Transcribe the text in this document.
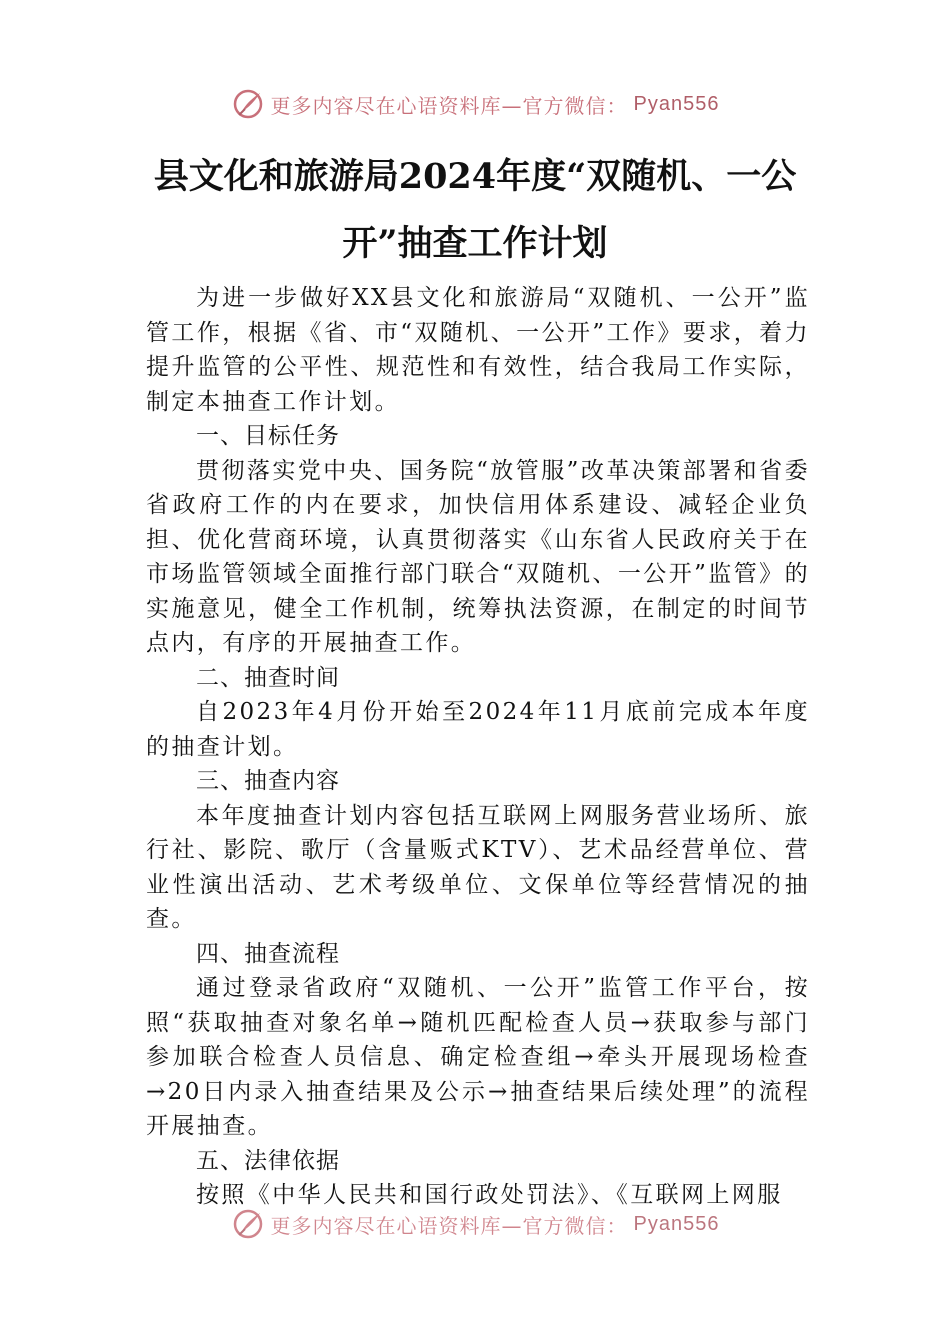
更多内容尽在心语资料库—官方微信： Pyan556
县文化和旅游局2024年度“双随机、一公
开”抽查工作计划

为进一步做好XX县文化和旅游局“双随机、一公开”监管工作，根据《省、市“双随机、一公开”工作》要求，着力提升监管的公平性、规范性和有效性，结合我局工作实际，制定本抽查工作计划。

一、目标任务

贯彻落实党中央、国务院“放管服”改革决策部署和省委省政府工作的内在要求，加快信用体系建设、减轻企业负担、优化营商环境，认真贯彻落实《山东省人民政府关于在市场监管领域全面推行部门联合“双随机、一公开”监管》的实施意见，健全工作机制，统筹执法资源，在制定的时间节点内，有序的开展抽查工作。

二、抽查时间

自2023年4月份开始至2024年11月底前完成本年度的抽查计划。

三、抽查内容

本年度抽查计划内容包括互联网上网服务营业场所、旅行社、影院、歌厅（含量贩式KTV）、艺术品经营单位、营业性演出活动、艺术考级单位、文保单位等经营情况的抽查。

四、抽查流程

通过登录省政府“双随机、一公开”监管工作平台，按照“获取抽查对象名单→随机匹配检查人员→获取参与部门参加联合检查人员信息、确定检查组→牵头开展现场检查→20日内录入抽查结果及公示→抽查结果后续处理”的流程开展抽查。

五、法律依据

按照《中华人民共和国行政处罚法》、《互联网上网服

更多内容尽在心语资料库—官方微信： Pyan556
